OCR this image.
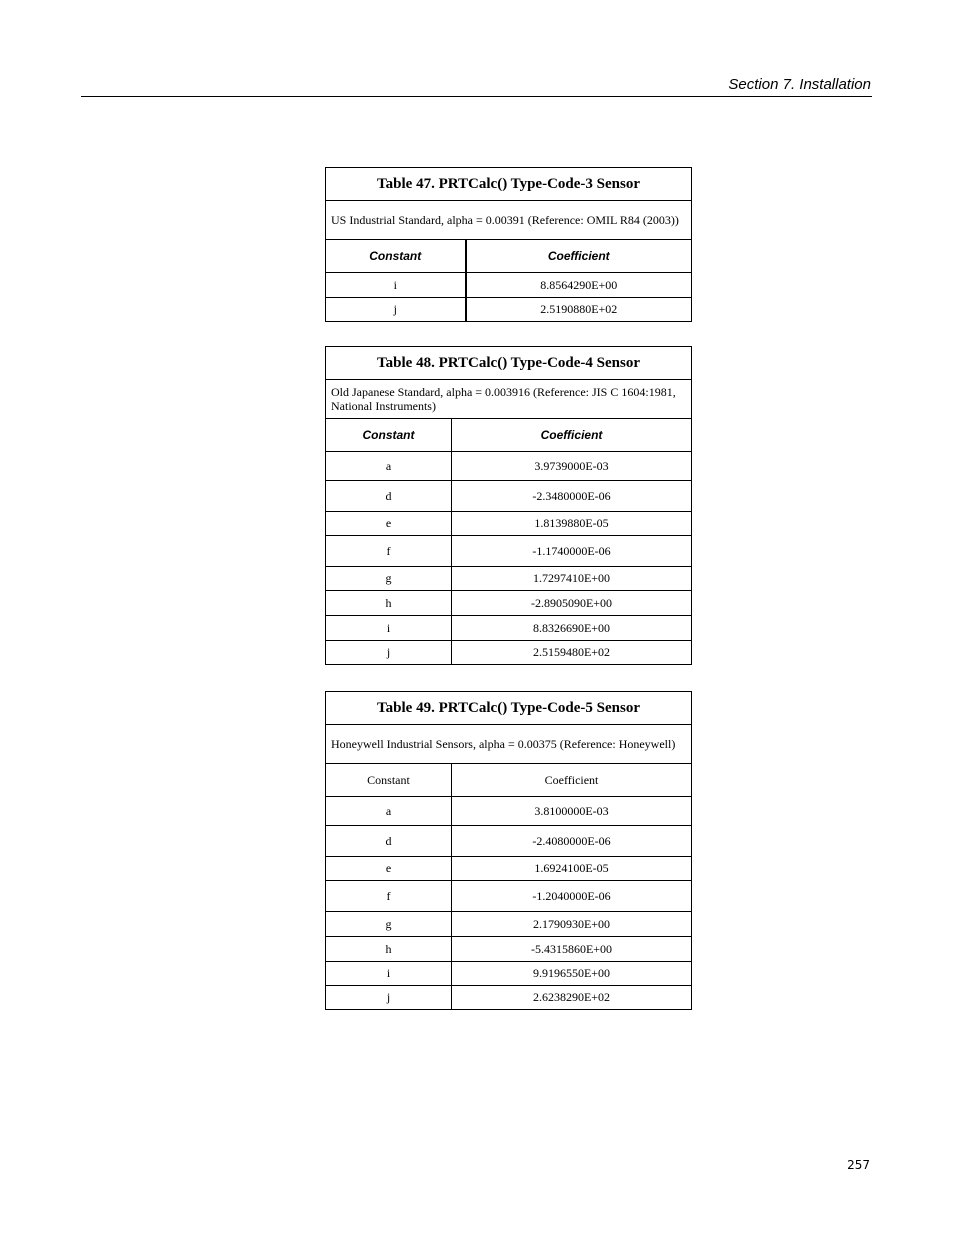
Section 7. Installation
Table 47. PRTCalc() Type-Code-3 Sensor	
US Industrial Standard, alpha = 0.00391 (Reference: OMIL R84 (2003))	
Constant	Coefficient
i	8.8564290E+00
j	2.5190880E+02
Table 48. PRTCalc() Type-Code-4 Sensor	
Old Japanese Standard, alpha = 0.003916 (Reference: JIS C 1604:1981, National Instruments)	
Constant	Coefficient
a	3.9739000E-03
d	-2.3480000E-06
e	1.8139880E-05
f	-1.1740000E-06
g	1.7297410E+00
h	-2.8905090E+00
i	8.8326690E+00
j	2.5159480E+02
Table 49. PRTCalc() Type-Code-5 Sensor	
Honeywell Industrial Sensors, alpha = 0.00375 (Reference: Honeywell)	
Constant	Coefficient
a	3.8100000E-03
d	-2.4080000E-06
e	1.6924100E-05
f	-1.2040000E-06
g	2.1790930E+00
h	-5.4315860E+00
i	9.9196550E+00
j	2.6238290E+02
257
